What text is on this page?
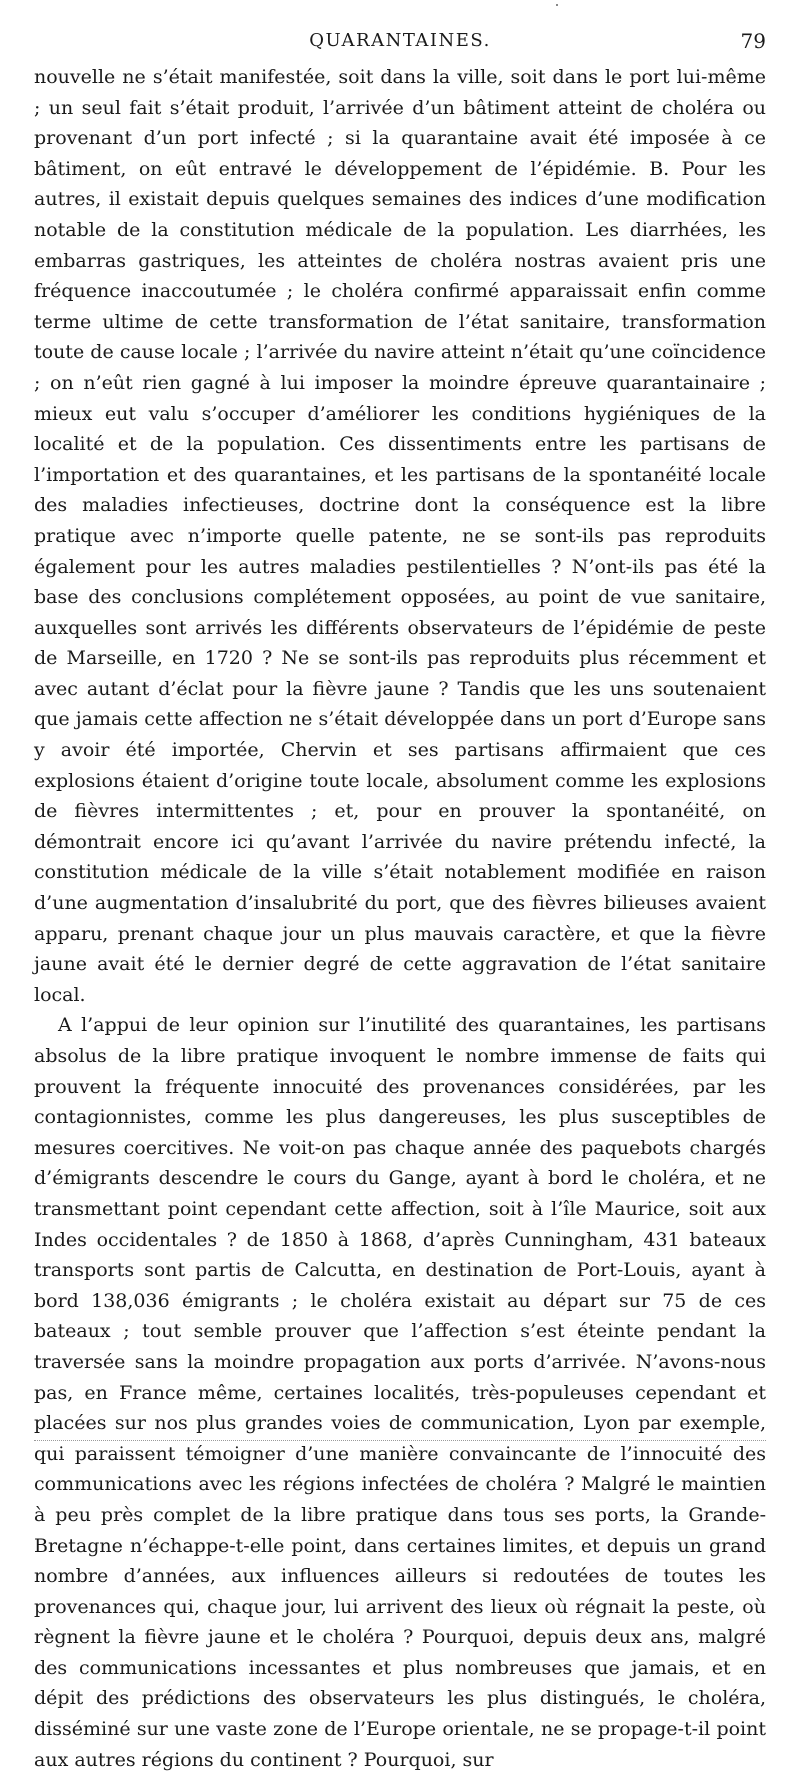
QUARANTAINES.	79

nouvelle ne s’était manifestée, soit dans la ville, soit dans le port lui-même ; un seul fait s’était produit, l’arrivée d’un bâtiment atteint de choléra ou provenant d’un port infecté ; si la quarantaine avait été imposée à ce bâtiment, on eût entravé le développement de l’épidémie. B. Pour les autres, il existait depuis quelques semaines des indices d’une modification notable de la constitution médicale de la population. Les diarrhées, les embarras gastriques, les atteintes de choléra nostras avaient pris une fréquence inaccoutumée ; le choléra confirmé apparaissait enfin comme terme ultime de cette transformation de l’état sanitaire, transformation toute de cause locale ; l’arrivée du navire atteint n’était qu’une coïncidence ; on n’eût rien gagné à lui imposer la moindre épreuve quarantainaire ; mieux eut valu s’occuper d’améliorer les conditions hygiéniques de la localité et de la population. Ces dissentiments entre les partisans de l’importation et des quarantaines, et les partisans de la spontanéité locale des maladies infectieuses, doctrine dont la conséquence est la libre pratique avec n’importe quelle patente, ne se sont-ils pas reproduits également pour les autres maladies pestilentielles ? N’ont-ils pas été la base des conclusions complétement opposées, au point de vue sanitaire, auxquelles sont arrivés les différents observateurs de l’épidémie de peste de Marseille, en 1720 ? Ne se sont-ils pas reproduits plus récemment et avec autant d’éclat pour la fièvre jaune ? Tandis que les uns soutenaient que jamais cette affection ne s’était développée dans un port d’Europe sans y avoir été importée, Chervin et ses partisans affirmaient que ces explosions étaient d’origine toute locale, absolument comme les explosions de fièvres intermittentes ; et, pour en prouver la spontanéité, on démontrait encore ici qu’avant l’arrivée du navire prétendu infecté, la constitution médicale de la ville s’était notablement modifiée en raison d’une augmentation d’insalubrité du port, que des fièvres bilieuses avaient apparu, prenant chaque jour un plus mauvais caractère, et que la fièvre jaune avait été le dernier degré de cette aggravation de l’état sanitaire local.

A l’appui de leur opinion sur l’inutilité des quarantaines, les partisans absolus de la libre pratique invoquent le nombre immense de faits qui prouvent la fréquente innocuité des provenances considérées, par les contagionnistes, comme les plus dangereuses, les plus susceptibles de mesures coercitives. Ne voit-on pas chaque année des paquebots chargés d’émigrants descendre le cours du Gange, ayant à bord le choléra, et ne transmettant point cependant cette affection, soit à l’île Maurice, soit aux Indes occidentales ? de 1850 à 1868, d’après Cunningham, 431 bateaux transports sont partis de Calcutta, en destination de Port-Louis, ayant à bord 138,036 émigrants ; le choléra existait au départ sur 75 de ces bateaux ; tout semble prouver que l’affection s’est éteinte pendant la traversée sans la moindre propagation aux ports d’arrivée. N’avons-nous pas, en France même, certaines localités, très-populeuses cependant et placées sur nos plus grandes voies de communication, Lyon par exemple, qui paraissent témoigner d’une manière convaincante de l’innocuité des communications avec les régions infectées de choléra ? Malgré le maintien à peu près complet de la libre pratique dans tous ses ports, la Grande-Bretagne n’échappe-t-elle point, dans certaines limites, et depuis un grand nombre d’années, aux influences ailleurs si redoutées de toutes les provenances qui, chaque jour, lui arrivent des lieux où régnait la peste, où règnent la fièvre jaune et le choléra ? Pourquoi, depuis deux ans, malgré des communications incessantes et plus nombreuses que jamais, et en dépit des prédictions des observateurs les plus distingués, le choléra, disséminé sur une vaste zone de l’Europe orientale, ne se propage-t-il point aux autres régions du continent ? Pourquoi, sur
